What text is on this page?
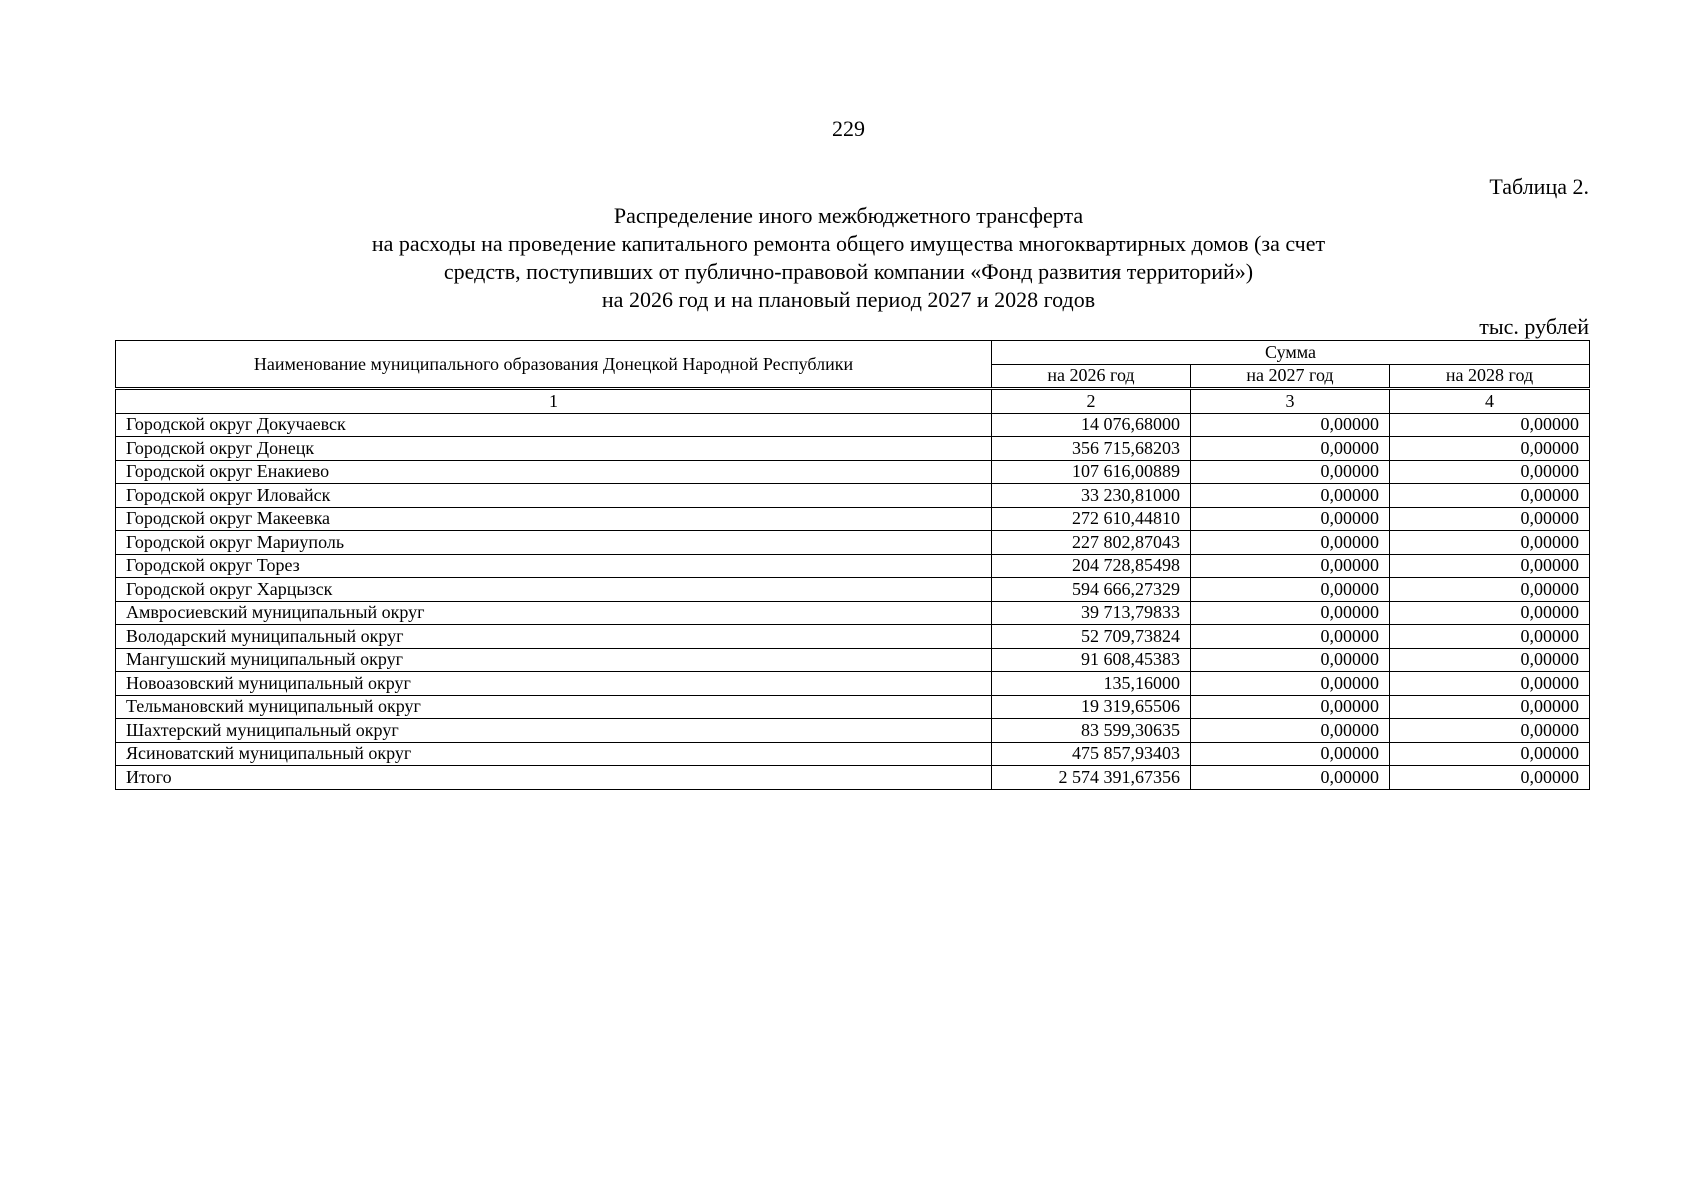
229
Таблица 2.
Распределение иного межбюджетного трансферта
на расходы на проведение капитального ремонта общего имущества многоквартирных домов (за счет
средств, поступивших от публично-правовой компании «Фонд развития территорий»)
на 2026 год и на плановый период 2027 и 2028 годов
тыс. рублей
Наименование муниципального образования Донецкой Народной Республики	Сумма		
	на 2026 год	на 2027 год	на 2028 год
1	2	3	4
Городской округ Докучаевск	14 076,68000	0,00000	0,00000
Городской округ Донецк	356 715,68203	0,00000	0,00000
Городской округ Енакиево	107 616,00889	0,00000	0,00000
Городской округ Иловайск	33 230,81000	0,00000	0,00000
Городской округ Макеевка	272 610,44810	0,00000	0,00000
Городской округ Мариуполь	227 802,87043	0,00000	0,00000
Городской округ Торез	204 728,85498	0,00000	0,00000
Городской округ Харцызск	594 666,27329	0,00000	0,00000
Амвросиевский муниципальный округ	39 713,79833	0,00000	0,00000
Володарский муниципальный округ	52 709,73824	0,00000	0,00000
Мангушский муниципальный округ	91 608,45383	0,00000	0,00000
Новоазовский муниципальный округ	135,16000	0,00000	0,00000
Тельмановский муниципальный округ	19 319,65506	0,00000	0,00000
Шахтерский муниципальный округ	83 599,30635	0,00000	0,00000
Ясиноватский муниципальный округ	475 857,93403	0,00000	0,00000
Итого	2 574 391,67356	0,00000	0,00000
